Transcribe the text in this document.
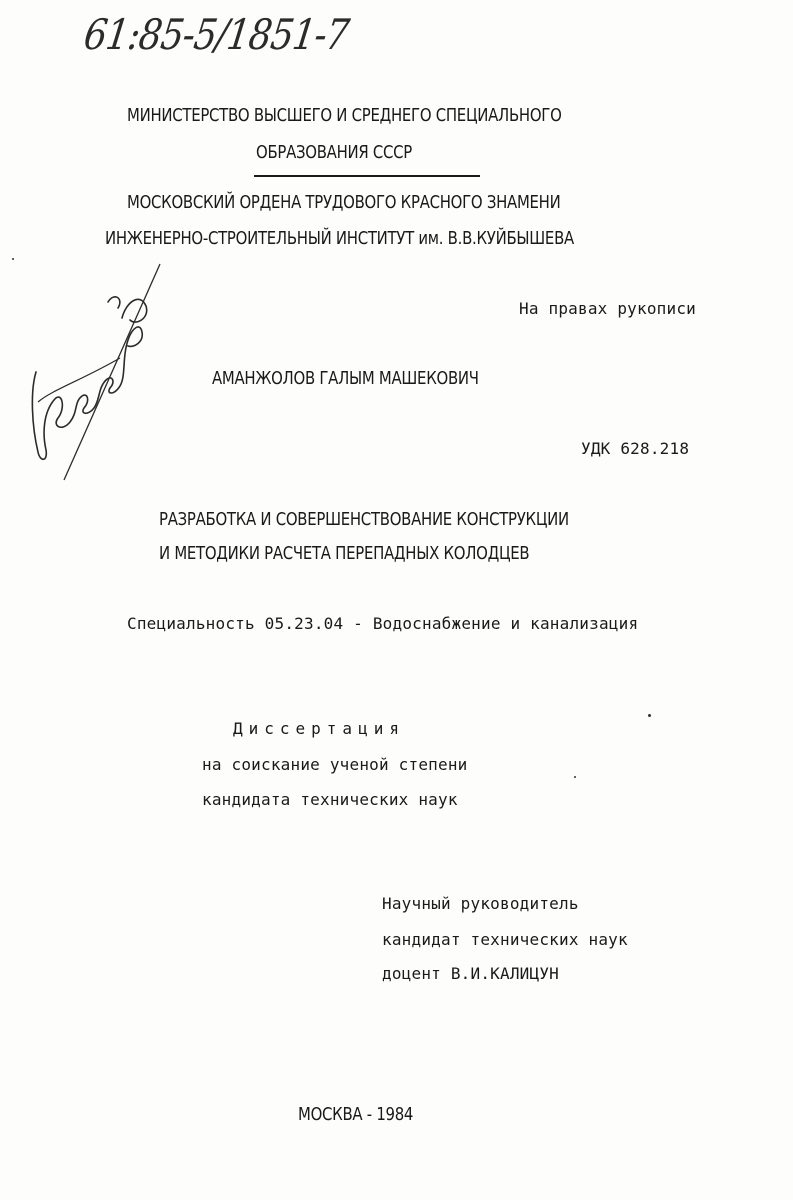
61:85-5/1851-7
МИНИСТЕРСТВО ВЫСШЕГО И СРЕДНЕГО СПЕЦИАЛЬНОГО
ОБРАЗОВАНИЯ СССР
МОСКОВСКИЙ ОРДЕНА ТРУДОВОГО КРАСНОГО ЗНАМЕНИ
ИНЖЕНЕРНО-СТРОИТЕЛЬНЫЙ ИНСТИТУТ им. В.В.КУЙБЫШЕВА
На правах рукописи
АМАНЖОЛОВ ГАЛЫМ МАШЕКОВИЧ
УДК 628.218
РАЗРАБОТКА И СОВЕРШЕНСТВОВАНИЕ КОНСТРУКЦИИ
И МЕТОДИКИ РАСЧЕТА ПЕРЕПАДНЫХ КОЛОДЦЕВ
Специальность 05.23.04 - Водоснабжение и канализация
Диссертация
на соискание ученой степени
кандидата технических наук
Научный руководитель
кандидат технических наук
доцент В.И.КАЛИЦУН
МОСКВА - 1984
